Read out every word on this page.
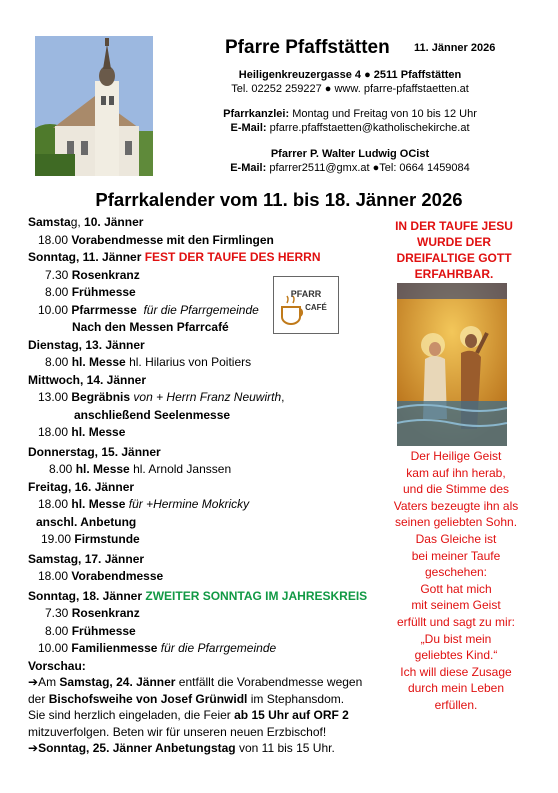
Pfarre Pfaffstätten 11. Jänner 2026
Heiligenkreuzergasse 4 ● 2511 Pfaffstätten
Tel. 02252 259227 ● www. pfarre-pfaffstaetten.at
Pfarrkanzlei: Montag und Freitag von 10 bis 12 Uhr
E-Mail: pfarre.pfaffstaetten@katholischekirche.at
Pfarrer P. Walter Ludwig OCist
E-Mail: pfarrer2511@gmx.at ●Tel: 0664 1459084
Pfarrkalender vom 11. bis 18. Jänner 2026
Samstag, 10. Jänner
18.00 Vorabendmesse mit den Firmlingen
Sonntag, 11. Jänner FEST DER TAUFE DES HERRN
7.30 Rosenkranz
8.00 Frühmesse
10.00 Pfarrmesse für die Pfarrgemeinde
Nach den Messen Pfarrcafé
Dienstag, 13. Jänner
8.00 hl. Messe hl. Hilarius von Poitiers
Mittwoch, 14. Jänner
13.00 Begräbnis von + Herrn Franz Neuwirth,
anschließend Seelenmesse
18.00 hl. Messe
Donnerstag, 15. Jänner
8.00 hl. Messe hl. Arnold Janssen
Freitag, 16. Jänner
18.00 hl. Messe für +Hermine Mokricky
anschl. Anbetung
19.00 Firmstunde
Samstag, 17. Jänner
18.00 Vorabendmesse
Sonntag, 18. Jänner ZWEITER SONNTAG IM JAHRESKREIS
7.30 Rosenkranz
8.00 Frühmesse
10.00 Familienmesse für die Pfarrgemeinde
Vorschau:
➔Am Samstag, 24. Jänner entfällt die Vorabendmesse wegen
der Bischofsweihe von Josef Grünwidl im Stephansdom.
Sie sind herzlich eingeladen, die Feier ab 15 Uhr auf ORF 2
mitzuverfolgen. Beten wir für unseren neuen Erzbischof!
➔Sonntag, 25. Jänner Anbetungstag von 11 bis 15 Uhr.
PFARR
CAFÉ
IN DER TAUFE JESU
WURDE DER
DREIFALTIGE GOTT
ERFAHRBAR.
Der Heilige Geist
kam auf ihn herab,
und die Stimme des
Vaters bezeugte ihn als
seinen geliebten Sohn.
Das Gleiche ist
bei meiner Taufe
geschehen:
Gott hat mich
mit seinem Geist
erfüllt und sagt zu mir:
„Du bist mein
geliebtes Kind.“
Ich will diese Zusage
durch mein Leben
erfüllen.
